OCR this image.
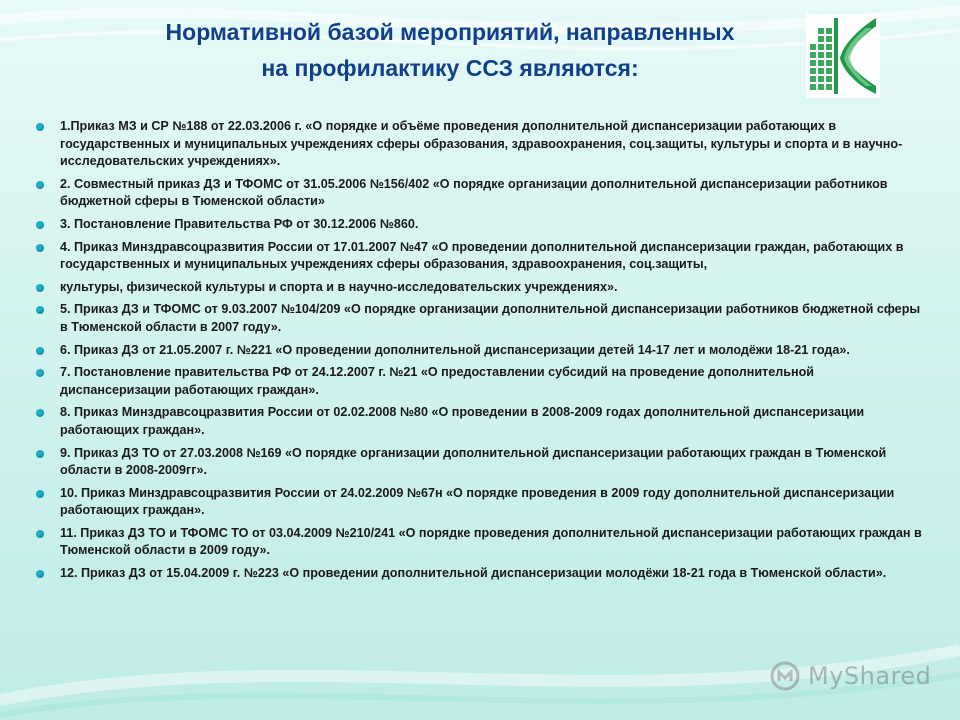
Нормативной базой мероприятий, направленных
на профилактику ССЗ являются:
1.Приказ МЗ и СР №188 от 22.03.2006 г. «О порядке и объёме проведения дополнительной диспансеризации работающих в государственных и муниципальных учреждениях сферы образования, здравоохранения, соц.защиты, культуры и спорта и в научно-исследовательских учреждениях».
2. Совместный приказ ДЗ и ТФОМС от 31.05.2006 №156/402 «О порядке организации дополнительной диспансеризации работников бюджетной сферы в Тюменской области»
3. Постановление Правительства РФ от 30.12.2006 №860.
4. Приказ Минздравсоцразвития России от 17.01.2007 №47 «О проведении дополнительной диспансеризации граждан, работающих в государственных и муниципальных учреждениях сферы образования, здравоохранения, соц.защиты,
культуры, физической культуры и спорта и в научно-исследовательских учреждениях».
5. Приказ ДЗ и ТФОМС от 9.03.2007 №104/209 «О порядке организации дополнительной диспансеризации работников бюджетной сферы в Тюменской области в 2007 году».
6. Приказ ДЗ от 21.05.2007 г. №221 «О проведении дополнительной диспансеризации детей 14-17 лет и молодёжи 18-21 года».
7. Постановление правительства РФ от 24.12.2007 г. №21 «О предоставлении субсидий на проведение дополнительной диспансеризации работающих граждан».
8. Приказ Минздравсоцразвития России от 02.02.2008 №80 «О проведении в 2008-2009 годах дополнительной диспансеризации работающих граждан».
9. Приказ ДЗ ТО от 27.03.2008 №169 «О порядке организации дополнительной диспансеризации работающих граждан в Тюменской области в 2008-2009гг».
10. Приказ Минздравсоцразвития России от 24.02.2009 №67н «О порядке проведения в 2009 году дополнительной диспансеризации работающих граждан».
11. Приказ ДЗ ТО и ТФОМС ТО от 03.04.2009 №210/241 «О порядке проведения дополнительной диспансеризации работающих граждан в Тюменской области в 2009 году».
12. Приказ ДЗ от 15.04.2009 г. №223 «О проведении дополнительной диспансеризации молодёжи 18-21 года в Тюменской области».
MyShared
